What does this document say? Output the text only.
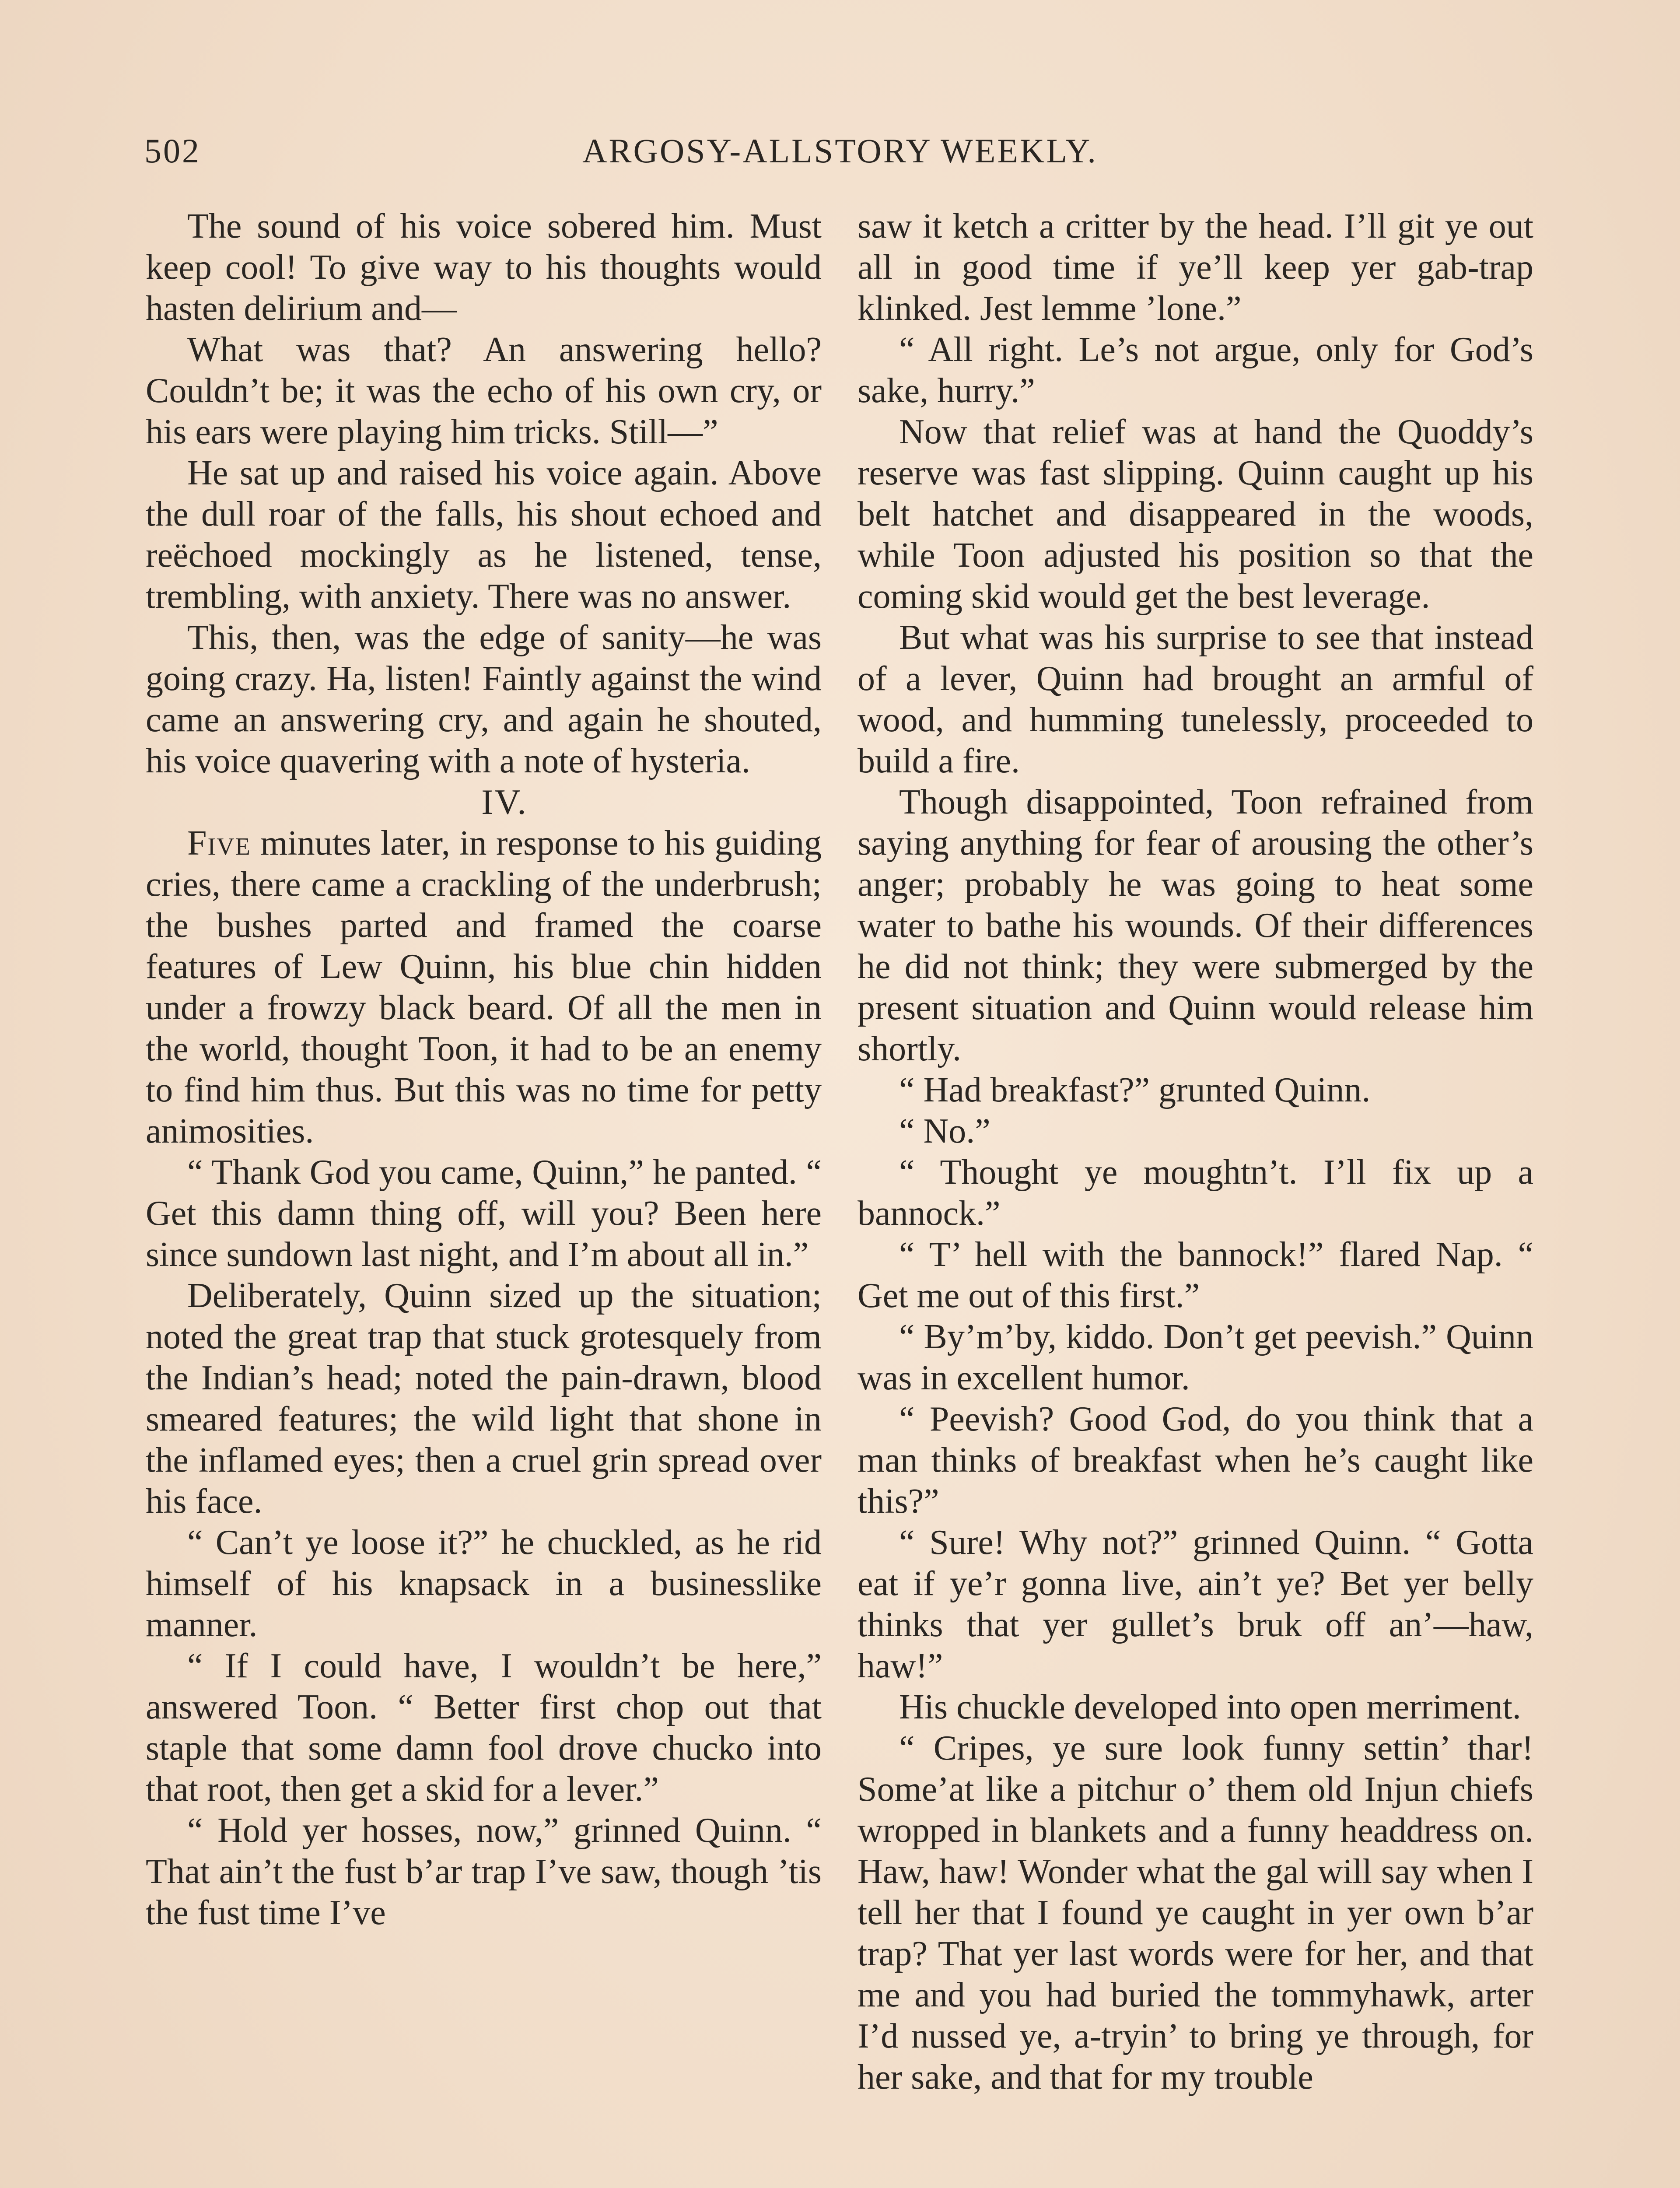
502	ARGOSY-ALLSTORY WEEKLY.

The sound of his voice sobered him. Must keep cool! To give way to his thoughts would hasten delirium and—

What was that? An answering hello? Couldn’t be; it was the echo of his own cry, or his ears were playing him tricks. Still—”

He sat up and raised his voice again. Above the dull roar of the falls, his shout echoed and reëchoed mockingly as he listened, tense, trembling, with anxiety. There was no answer.

This, then, was the edge of sanity—he was going crazy. Ha, listen! Faintly against the wind came an answering cry, and again he shouted, his voice quavering with a note of hysteria.

IV.

Five minutes later, in response to his guiding cries, there came a crackling of the underbrush; the bushes parted and framed the coarse features of Lew Quinn, his blue chin hidden under a frowzy black beard. Of all the men in the world, thought Toon, it had to be an enemy to find him thus. But this was no time for petty animosities.

“ Thank God you came, Quinn,” he panted. “ Get this damn thing off, will you? Been here since sundown last night, and I’m about all in.”

Deliberately, Quinn sized up the situation; noted the great trap that stuck grotesquely from the Indian’s head; noted the pain-drawn, blood smeared features; the wild light that shone in the inflamed eyes; then a cruel grin spread over his face.

“ Can’t ye loose it?” he chuckled, as he rid himself of his knapsack in a businesslike manner.

“ If I could have, I wouldn’t be here,” answered Toon. “ Better first chop out that staple that some damn fool drove chucko into that root, then get a skid for a lever.”

“ Hold yer hosses, now,” grinned Quinn. “ That ain’t the fust b’ar trap I’ve saw, though ’tis the fust time I’ve

saw it ketch a critter by the head. I’ll git ye out all in good time if ye’ll keep yer gab-trap klinked. Jest lemme ’lone.”

“ All right. Le’s not argue, only for God’s sake, hurry.”

Now that relief was at hand the Quoddy’s reserve was fast slipping. Quinn caught up his belt hatchet and disappeared in the woods, while Toon adjusted his position so that the coming skid would get the best leverage.

But what was his surprise to see that instead of a lever, Quinn had brought an armful of wood, and humming tunelessly, proceeded to build a fire.

Though disappointed, Toon refrained from saying anything for fear of arousing the other’s anger; probably he was going to heat some water to bathe his wounds. Of their differences he did not think; they were submerged by the present situation and Quinn would release him shortly.

“ Had breakfast?” grunted Quinn.

“ No.”

“ Thought ye moughtn’t. I’ll fix up a bannock.”

“ T’ hell with the bannock!” flared Nap. “ Get me out of this first.”

“ By’m’by, kiddo. Don’t get peevish.” Quinn was in excellent humor.

“ Peevish? Good God, do you think that a man thinks of breakfast when he’s caught like this?”

“ Sure! Why not?” grinned Quinn. “ Gotta eat if ye’r gonna live, ain’t ye? Bet yer belly thinks that yer gullet’s bruk off an’—haw, haw!”

His chuckle developed into open merriment.

“ Cripes, ye sure look funny settin’ thar! Some’at like a pitchur o’ them old Injun chiefs wropped in blankets and a funny headdress on. Haw, haw! Wonder what the gal will say when I tell her that I found ye caught in yer own b’ar trap? That yer last words were for her, and that me and you had buried the tommyhawk, arter I’d nussed ye, a-tryin’ to bring ye through, for her sake, and that for my trouble
